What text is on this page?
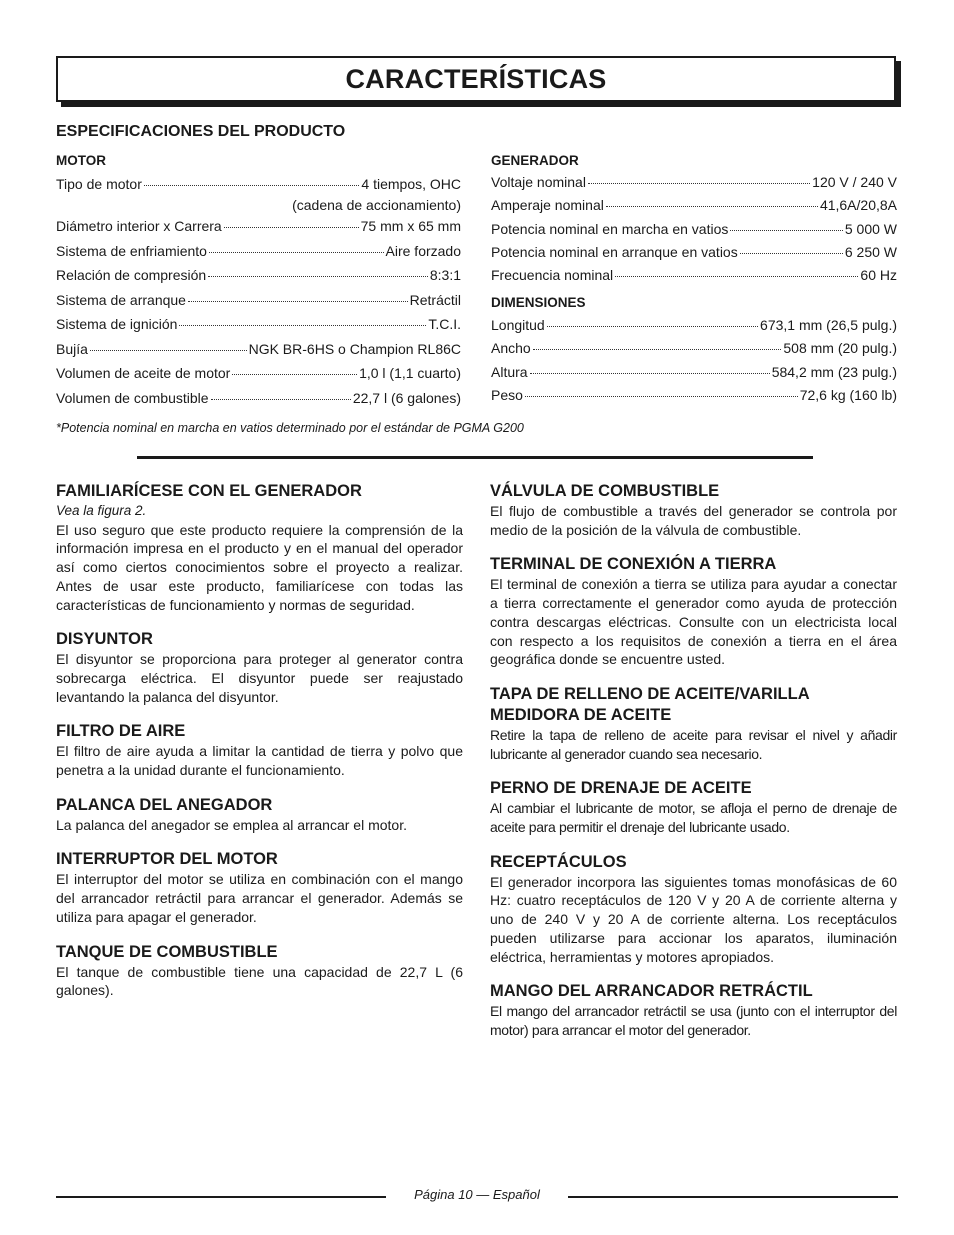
CARACTERÍSTICAS
ESPECIFICACIONES DEL PRODUCTO
MOTOR
Tipo de motor	4 tiempos, OHC
(cadena de accionamiento)
Diámetro interior x Carrera	75 mm x 65 mm
Sistema de enfriamiento	Aire forzado
Relación de compresión	8:3:1
Sistema de arranque	Retráctil
Sistema de ignición	T.C.I.
Bujía	NGK BR-6HS o Champion RL86C
Volumen de aceite de motor	1,0 l (1,1 cuarto)
Volumen de combustible	22,7 l (6 galones)
GENERADOR
Voltaje nominal	120 V / 240 V
Amperaje nominal	41,6A/20,8A
Potencia nominal en marcha en vatios	5 000 W
Potencia nominal en arranque en vatios	6 250 W
Frecuencia nominal	60 Hz
DIMENSIONES
Longitud	673,1 mm (26,5 pulg.)
Ancho	508 mm (20 pulg.)
Altura	584,2 mm (23 pulg.)
Peso	72,6 kg (160 lb)

*Potencia nominal en marcha en vatios determinado por el estándar de PGMA G200

FAMILIARÍCESE CON EL GENERADOR

Vea la figura 2.

El uso seguro que este producto requiere la comprensión de la información impresa en el producto y en el manual del operador así como ciertos conocimientos sobre el proyecto a realizar. Antes de usar este producto, familiarícese con todas las características de funcionamiento y normas de seguridad.

DISYUNTOR

El disyuntor se proporciona para proteger al generator contra sobrecarga eléctrica. El disyuntor puede ser reajustado levantando la palanca del disyuntor.

FILTRO DE AIRE

El filtro de aire ayuda a limitar la cantidad de tierra y polvo que penetra a la unidad durante el funcionamiento.

PALANCA DEL ANEGADOR

La palanca del anegador se emplea al arrancar el motor.

INTERRUPTOR DEL MOTOR

El interruptor del motor se utiliza en combinación con el mango del arrancador retráctil para arrancar el generador. Además se utiliza para apagar el generador.

TANQUE DE COMBUSTIBLE

El tanque de combustible tiene una capacidad de 22,7 L (6 galones).

VÁLVULA DE COMBUSTIBLE

El flujo de combustible a través del generador se controla por medio de la posición de la válvula de combustible.

TERMINAL DE CONEXIÓN A TIERRA

El terminal de conexión a tierra se utiliza para ayudar a conectar a tierra correctamente el generador como ayuda de protección contra descargas eléctricas. Consulte con un electricista local con respecto a los requisitos de conexión a tierra en el área geográfica donde se encuentre usted.

TAPA DE RELLENO DE ACEITE/VARILLA MEDIDORA DE ACEITE

Retire la tapa de relleno de aceite para revisar el nivel y añadir lubricante al generador cuando sea necesario.

PERNO DE DRENAJE DE ACEITE

Al cambiar el lubricante de motor, se afloja el perno de drenaje de aceite para permitir el drenaje del lubricante usado.

RECEPTÁCULOS

El generador incorpora las siguientes tomas monofásicas de 60 Hz: cuatro receptáculos de 120 V y 20 A de corriente alterna y uno de 240 V y 20 A de corriente alterna. Los receptáculos pueden utilizarse para accionar los aparatos, iluminación eléctrica, herramientas y motores apropiados.

MANGO DEL ARRANCADOR RETRÁCTIL

El mango del arrancador retráctil se usa (junto con el interruptor del motor) para arrancar el motor del generador.

Página 10 — Español
